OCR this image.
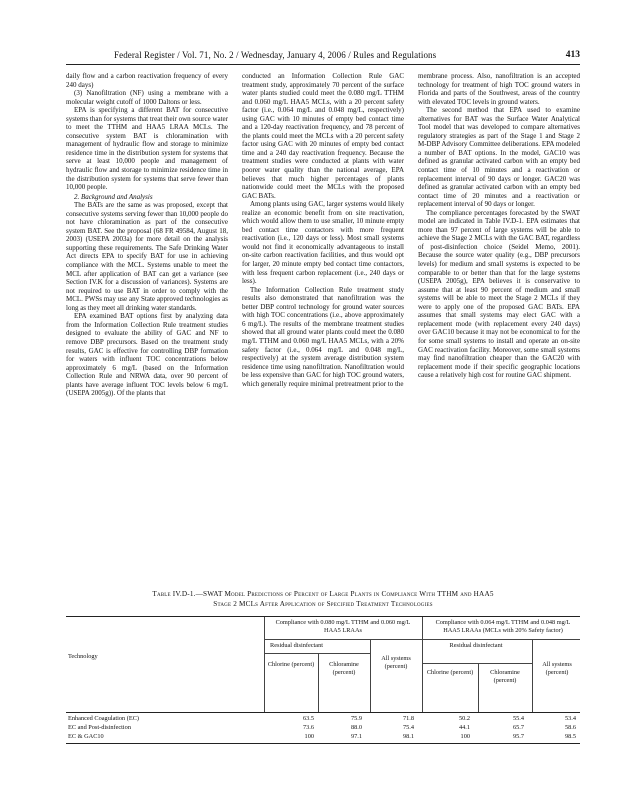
Federal Register / Vol. 71, No. 2 / Wednesday, January 4, 2006 / Rules and Regulations	413

daily flow and a carbon reactivation frequency of every 240 days)

(3) Nanofiltration (NF) using a membrane with a molecular weight cutoff of 1000 Daltons or less.

EPA is specifying a different BAT for consecutive systems than for systems that treat their own source water to meet the TTHM and HAA5 LRAA MCLs. The consecutive system BAT is chloramination with management of hydraulic flow and storage to minimize residence time in the distribution system for systems that serve at least 10,000 people and management of hydraulic flow and storage to minimize residence time in the distribution system for systems that serve fewer than 10,000 people.

2. Background and Analysis

The BATs are the same as was proposed, except that consecutive systems serving fewer than 10,000 people do not have chloramination as part of the consecutive system BAT. See the proposal (68 FR 49584, August 18, 2003) (USEPA 2003a) for more detail on the analysis supporting these requirements. The Safe Drinking Water Act directs EPA to specify BAT for use in achieving compliance with the MCL. Systems unable to meet the MCL after application of BAT can get a variance (see Section IV.K for a discussion of variances). Systems are not required to use BAT in order to comply with the MCL. PWSs may use any State approved technologies as long as they meet all drinking water standards.

EPA examined BAT options first by analyzing data from the Information Collection Rule treatment studies designed to evaluate the ability of GAC and NF to remove DBP precursors. Based on the treatment study results, GAC is effective for controlling DBP formation for waters with influent TOC concentrations below approximately 6 mg/L (based on the Information Collection Rule and NRWA data, over 90 percent of plants have average influent TOC levels below 6 mg/L (USEPA 2005g)). Of the plants that

conducted an Information Collection Rule GAC treatment study, approximately 70 percent of the surface water plants studied could meet the 0.080 mg/L TTHM and 0.060 mg/L HAA5 MCLs, with a 20 percent safety factor (i.e., 0.064 mg/L and 0.048 mg/L, respectively) using GAC with 10 minutes of empty bed contact time and a 120-day reactivation frequency, and 78 percent of the plants could meet the MCLs with a 20 percent safety factor using GAC with 20 minutes of empty bed contact time and a 240 day reactivation frequency. Because the treatment studies were conducted at plants with water poorer water quality than the national average, EPA believes that much higher percentages of plants nationwide could meet the MCLs with the proposed GAC BATs.

Among plants using GAC, larger systems would likely realize an economic benefit from on site reactivation, which would allow them to use smaller, 10 minute empty bed contact time contactors with more frequent reactivation (i.e., 120 days or less). Most small systems would not find it economically advantageous to install on-site carbon reactivation facilities, and thus would opt for larger, 20 minute empty bed contact time contactors, with less frequent carbon replacement (i.e., 240 days or less).

The Information Collection Rule treatment study results also demonstrated that nanofiltration was the better DBP control technology for ground water sources with high TOC concentrations (i.e., above approximately 6 mg/L). The results of the membrane treatment studies showed that all ground water plants could meet the 0.080 mg/L TTHM and 0.060 mg/L HAA5 MCLs, with a 20% safety factor (i.e., 0.064 mg/L and 0.048 mg/L, respectively) at the system average distribution system residence time using nanofiltration. Nanofiltration would be less expensive than GAC for high TOC ground waters, which generally require minimal pretreatment prior to the

membrane process. Also, nanofiltration is an accepted technology for treatment of high TOC ground waters in Florida and parts of the Southwest, areas of the country with elevated TOC levels in ground waters.

The second method that EPA used to examine alternatives for BAT was the Surface Water Analytical Tool model that was developed to compare alternatives regulatory strategies as part of the Stage 1 and Stage 2 M-DBP Advisory Committee deliberations. EPA modeled a number of BAT options. In the model, GAC10 was defined as granular activated carbon with an empty bed contact time of 10 minutes and a reactivation or replacement interval of 90 days or longer. GAC20 was defined as granular activated carbon with an empty bed contact time of 20 minutes and a reactivation or replacement interval of 90 days or longer.

The compliance percentages forecasted by the SWAT model are indicated in Table IV.D-1. EPA estimates that more than 97 percent of large systems will be able to achieve the Stage 2 MCLs with the GAC BAT, regardless of post-disinfection choice (Seidel Memo, 2001). Because the source water quality (e.g., DBP precursors levels) for medium and small systems is expected to be comparable to or better than that for the large systems (USEPA 2005g), EPA believes it is conservative to assume that at least 90 percent of medium and small systems will be able to meet the Stage 2 MCLs if they were to apply one of the proposed GAC BATs. EPA assumes that small systems may elect GAC with a replacement mode (with replacement every 240 days) over GAC10 because it may not be economical to for the for some small systems to install and operate an on-site GAC reactivation facility. Moreover, some small systems may find nanofiltration cheaper than the GAC20 with replacement mode if their specific geographic locations cause a relatively high cost for routine GAC shipment.

Table IV.D-1.—SWAT Model Predictions of Percent of Large Plants in Compliance With TTHM and HAA5
Stage 2 MCLs After Application of Specified Treatment Technologies
Compliance with 0.080 mg/L TTHM and 0.060 mg/L HAA5 LRAAs
Compliance with 0.064 mg/L TTHM and 0.048 mg/L HAA5 LRAAs (MCLs with 20% Safety factor)
Technology
Residual disinfectant	Residual disinfectant
Chlorine (percent)	Chloramine (percent)
All systems (percent)
Chlorine (percent)	Chloramine (percent)
All systems (percent)
Enhanced Coagulation (EC)	63.5	75.9	71.8	50.2	55.4	53.4
EC and Post-disinfection	73.6	88.0	75.4	44.1	65.7	58.6
EC & GAC10	100	97.1	98.1	100	95.7	98.5
